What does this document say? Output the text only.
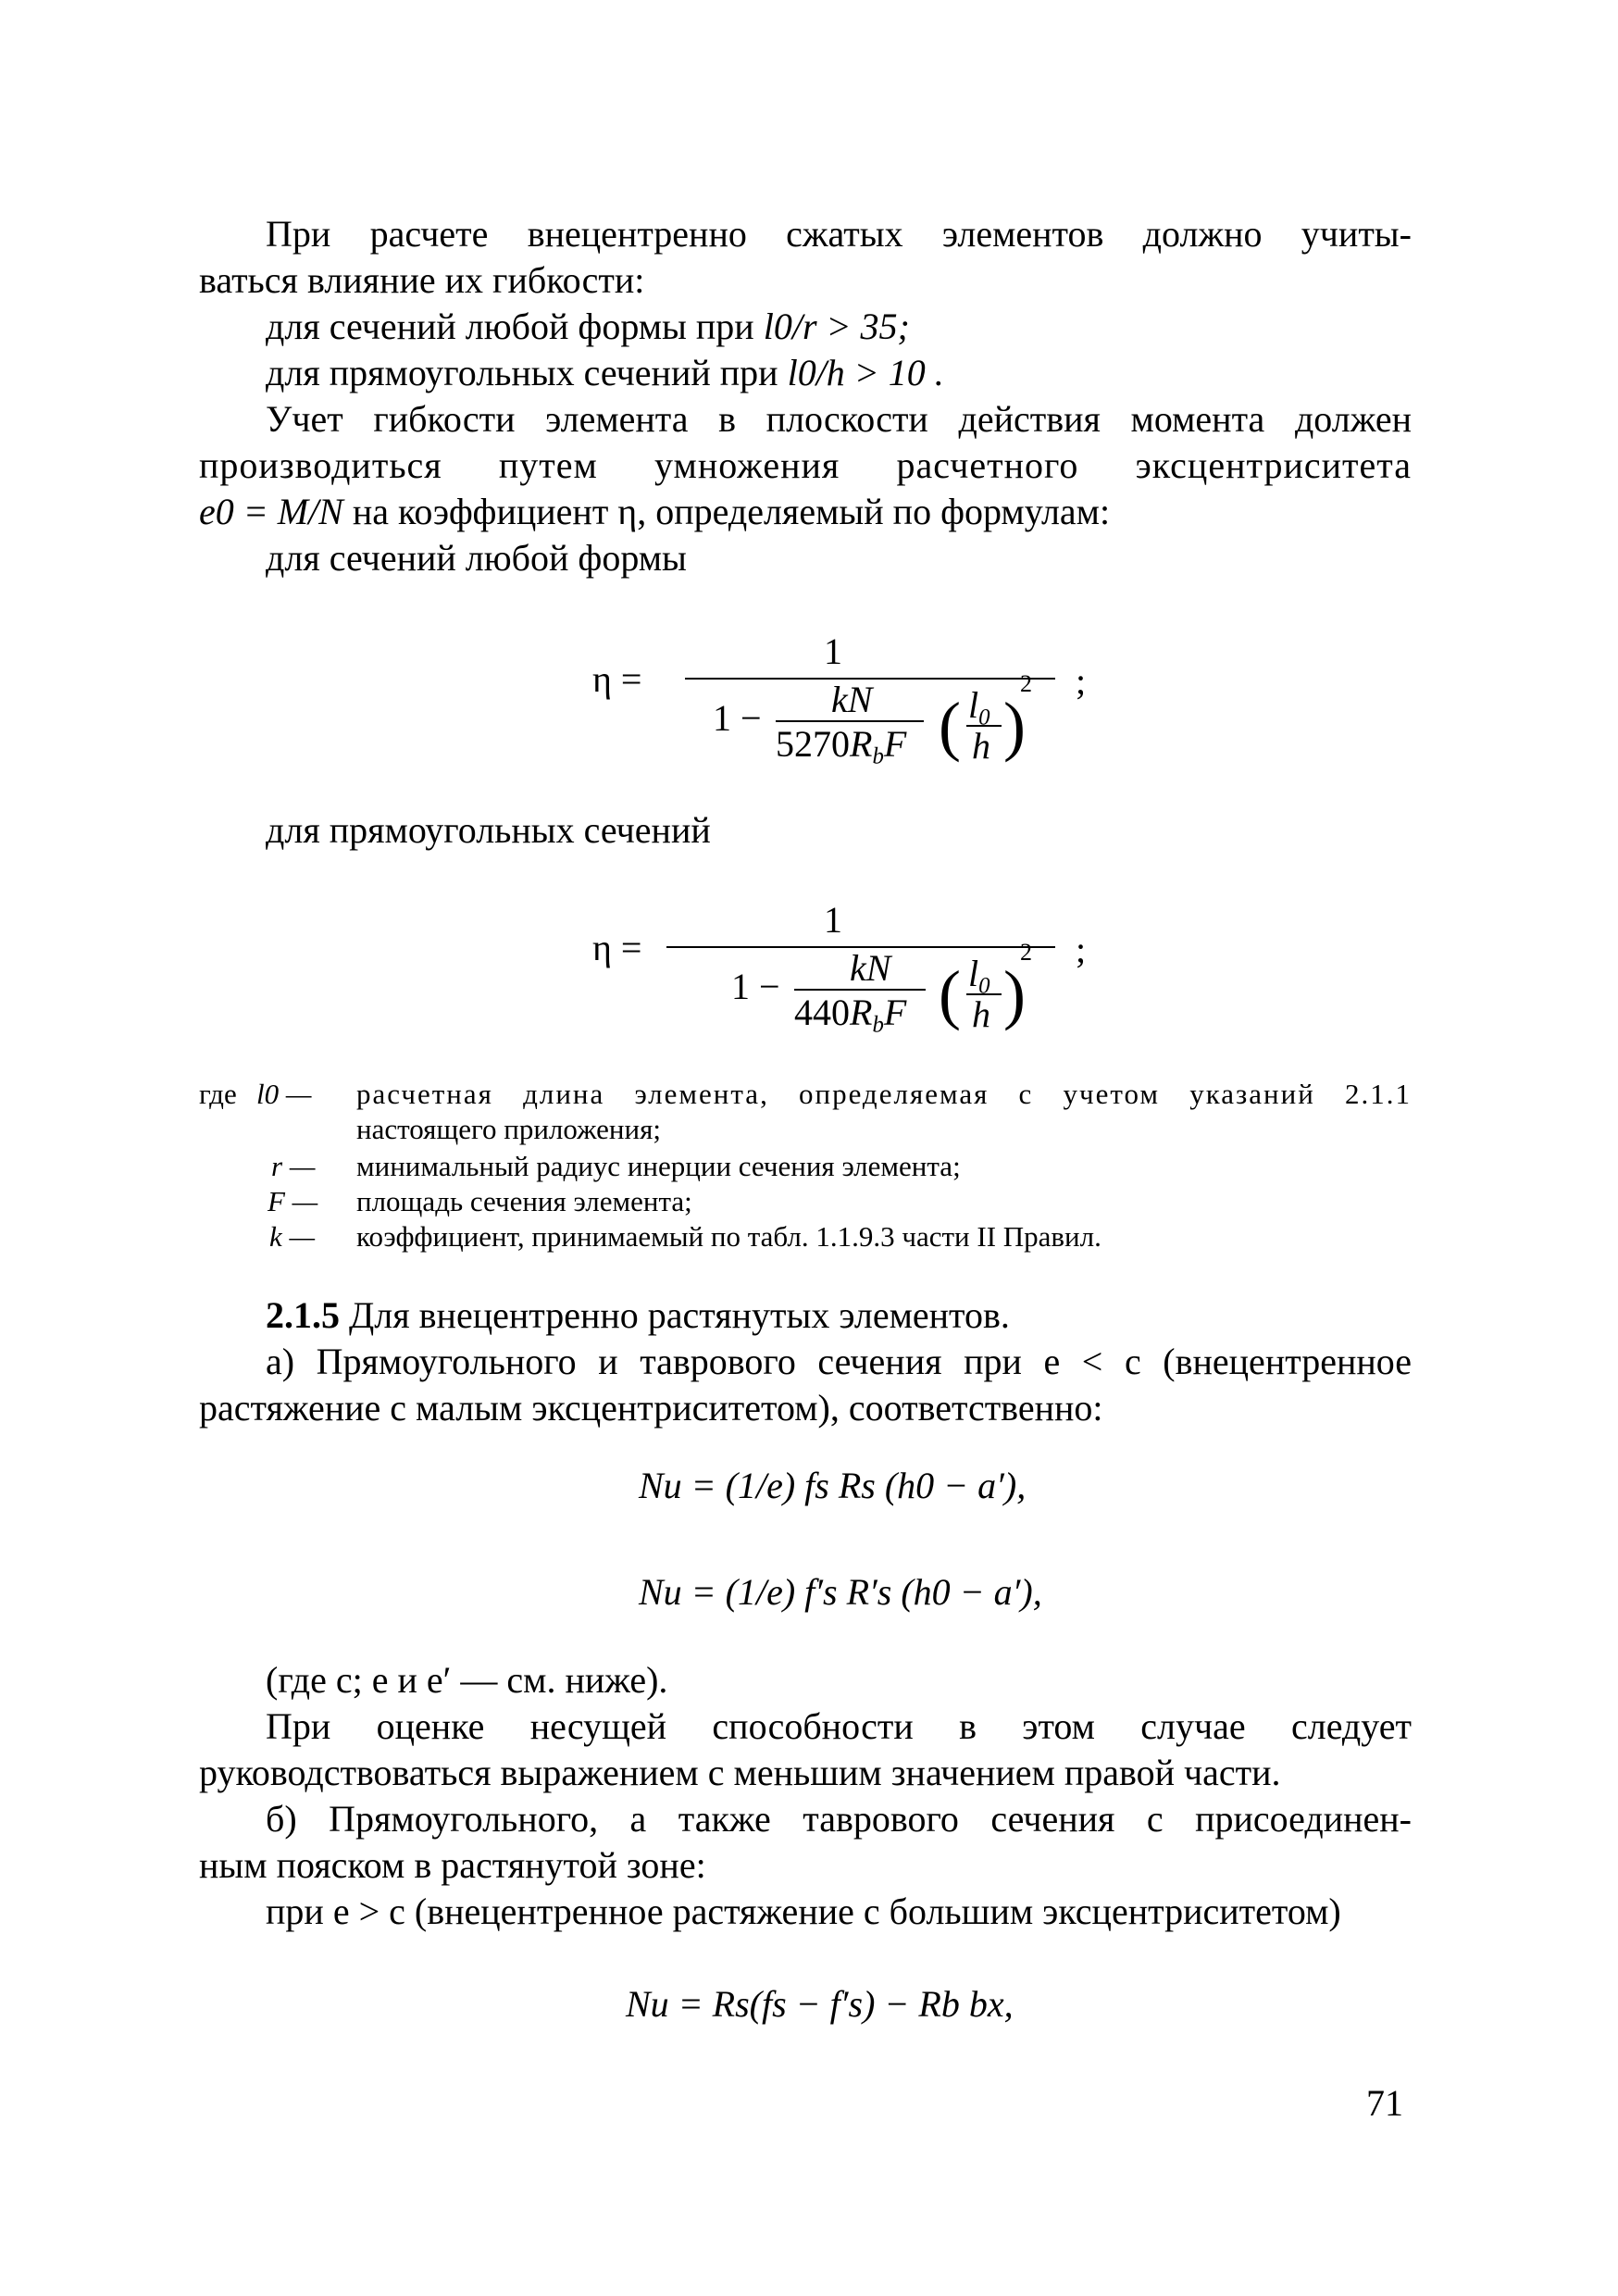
При расчете внецентренно сжатых элементов должно учиты-
ваться влияние их гибкости:
для сечений любой формы при l0/r > 35;
для прямоугольных сечений при l0/h > 10 .
Учет гибкости элемента в плоскости действия момента должен
производиться путем умножения расчетного эксцентриситета
e0 = M/N на коэффициент η, определяемый по формулам:
для сечений любой формы
η =
1
1 − kN
$5270R_bF$ ( $l_0$
h )
2 ;
для прямоугольных сечений
η =
1
1 − kN
$440R_bF$ ( $l_0$
h )
2 ;
где l0 — расчетная длина элемента, определяемая с учетом указаний 2.1.1
настоящего приложения;
r — минимальный радиус инерции сечения элемента;
F — площадь сечения элемента;
k — коэффициент, принимаемый по табл. 1.1.9.3 части II Правил.
2.1.5 Для внецентренно растянутых элементов.
а) Прямоугольного и таврового сечения при e < c (внецентренное
растяжение с малым эксцентриситетом), соответственно:
Nu = (1/e) fs Rs (h0 − a′),
Nu = (1/e) f′s R′s (h0 − a′),
(где c; e и e′ — см. ниже).
При оценке несущей способности в этом случае следует
руководствоваться выражением с меньшим значением правой части.
б) Прямоугольного, а также таврового сечения с присоединен-
ным пояском в растянутой зоне:
при e > c (внецентренное растяжение с большим эксцентриситетом)
Nu = Rs(fs − f′s) − Rb bx,
71
